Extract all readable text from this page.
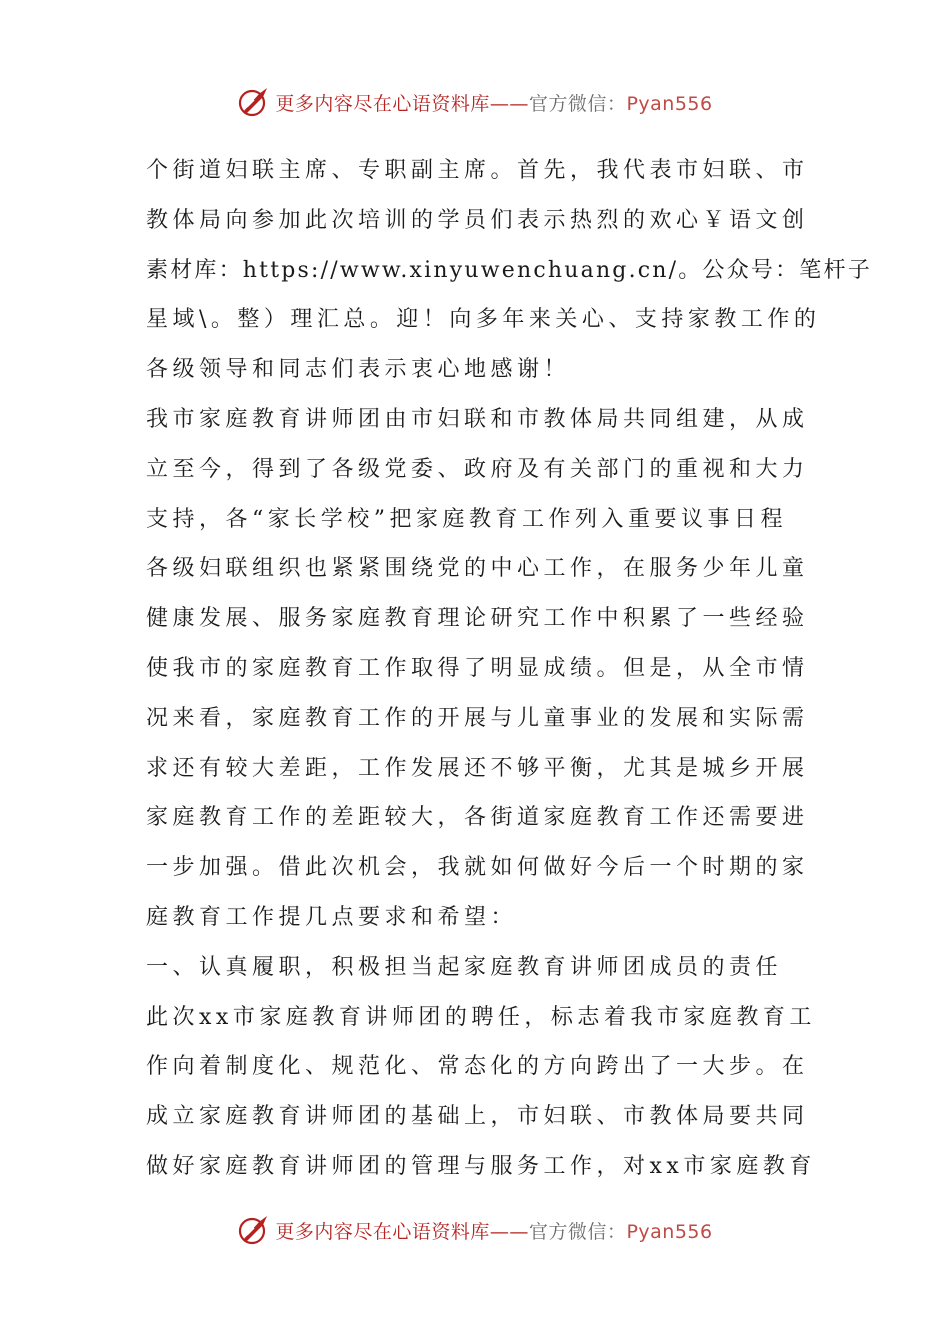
更多内容尽在心语资料库——官方微信：Pyan556
个街道妇联主席、专职副主席。首先，我代表市妇联、市
教体局向参加此次培训的学员们表示热烈的欢心￥语文创
素材库：https://www.xinyuwenchuang.cn/。公众号：笔杆子
星域\。整）理汇总。迎！向多年来关心、支持家教工作的
各级领导和同志们表示衷心地感谢！
我市家庭教育讲师团由市妇联和市教体局共同组建，从成
立至今，得到了各级党委、政府及有关部门的重视和大力
支持，各“家长学校”把家庭教育工作列入重要议事日程
各级妇联组织也紧紧围绕党的中心工作，在服务少年儿童
健康发展、服务家庭教育理论研究工作中积累了一些经验
使我市的家庭教育工作取得了明显成绩。但是，从全市情
况来看，家庭教育工作的开展与儿童事业的发展和实际需
求还有较大差距，工作发展还不够平衡，尤其是城乡开展
家庭教育工作的差距较大，各街道家庭教育工作还需要进
一步加强。借此次机会，我就如何做好今后一个时期的家
庭教育工作提几点要求和希望：
一、认真履职，积极担当起家庭教育讲师团成员的责任
此次xx市家庭教育讲师团的聘任，标志着我市家庭教育工
作向着制度化、规范化、常态化的方向跨出了一大步。在
成立家庭教育讲师团的基础上，市妇联、市教体局要共同
做好家庭教育讲师团的管理与服务工作，对xx市家庭教育
更多内容尽在心语资料库——官方微信：Pyan556
